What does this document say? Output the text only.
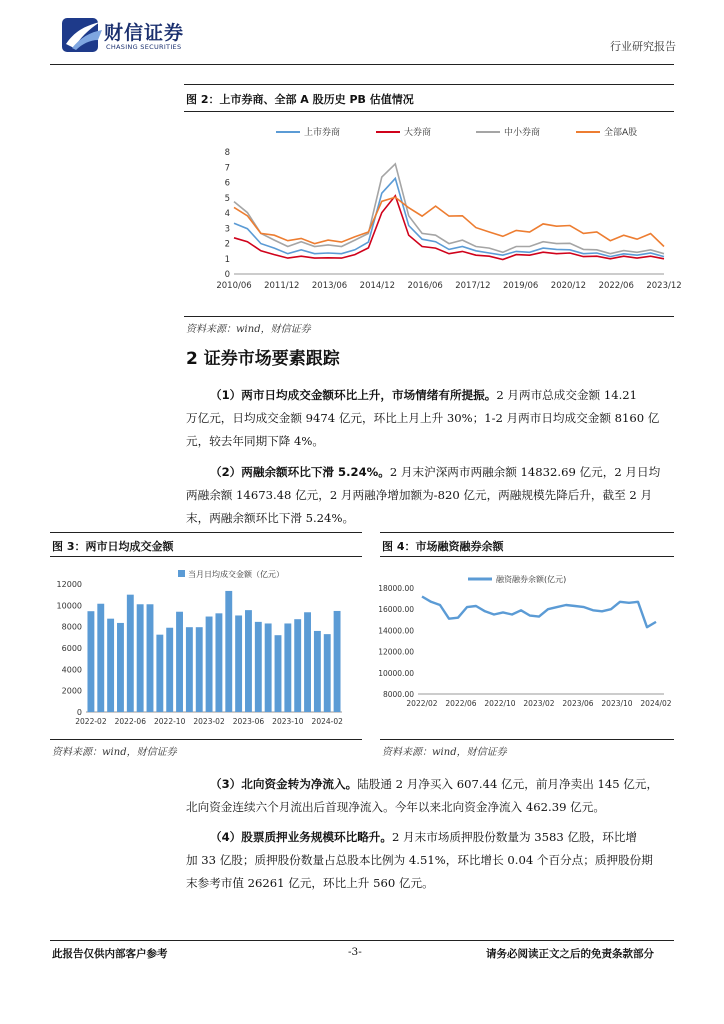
财信证券
CHASING SECURITIES	行业研究报告
图 2：上市券商、全部 A 股历史 PB 估值情况
上市券商	大券商	中小券商	全部A股
0
1
2
3
4
5
6
7
8
2010/06 2011/12 2013/06 2014/12 2016/06 2017/12 2019/06 2020/12 2022/06 2023/12
资料来源：wind，财信证券
2 证券市场要素跟踪
（1）两市日均成交金额环比上升，市场情绪有所提振。2 月两市总成交金额 14.21
万亿元，日均成交金额 9474 亿元，环比上月上升 30%；1-2 月两市日均成交金额 8160 亿
元，较去年同期下降 4%。
（2）两融余额环比下滑 5.24%。2 月末沪深两市两融余额 14832.69 亿元，2 月日均
两融余额 14673.48 亿元，2 月两融净增加额为-820 亿元，两融规模先降后升，截至 2 月
末，两融余额环比下滑 5.24%。
图 3：两市日均成交金额
当月日均成交金额（亿元）
0
2000
4000
6000
8000
10000
12000
2022-02 2022-06 2022-10 2023-02 2023-06 2023-10 2024-02
资料来源：wind，财信证券
图 4：市场融资融券余额
融资融券余额(亿元)
8000.00
10000.00
12000.00
14000.00
16000.00
18000.00
2022/02 2022/06 2022/10 2023/02 2023/06 2023/10 2024/02
资料来源：wind，财信证券
（3）北向资金转为净流入。陆股通 2 月净买入 607.44 亿元，前月净卖出 145 亿元，
北向资金连续六个月流出后首现净流入。今年以来北向资金净流入 462.39 亿元。
（4）股票质押业务规模环比略升。2 月末市场质押股份数量为 3583 亿股，环比增
加 33 亿股；质押股份数量占总股本比例为 4.51%，环比增长 0.04 个百分点；质押股份期
末参考市值 26261 亿元，环比上升 560 亿元。
此报告仅供内部客户参考	-3-	请务必阅读正文之后的免责条款部分
